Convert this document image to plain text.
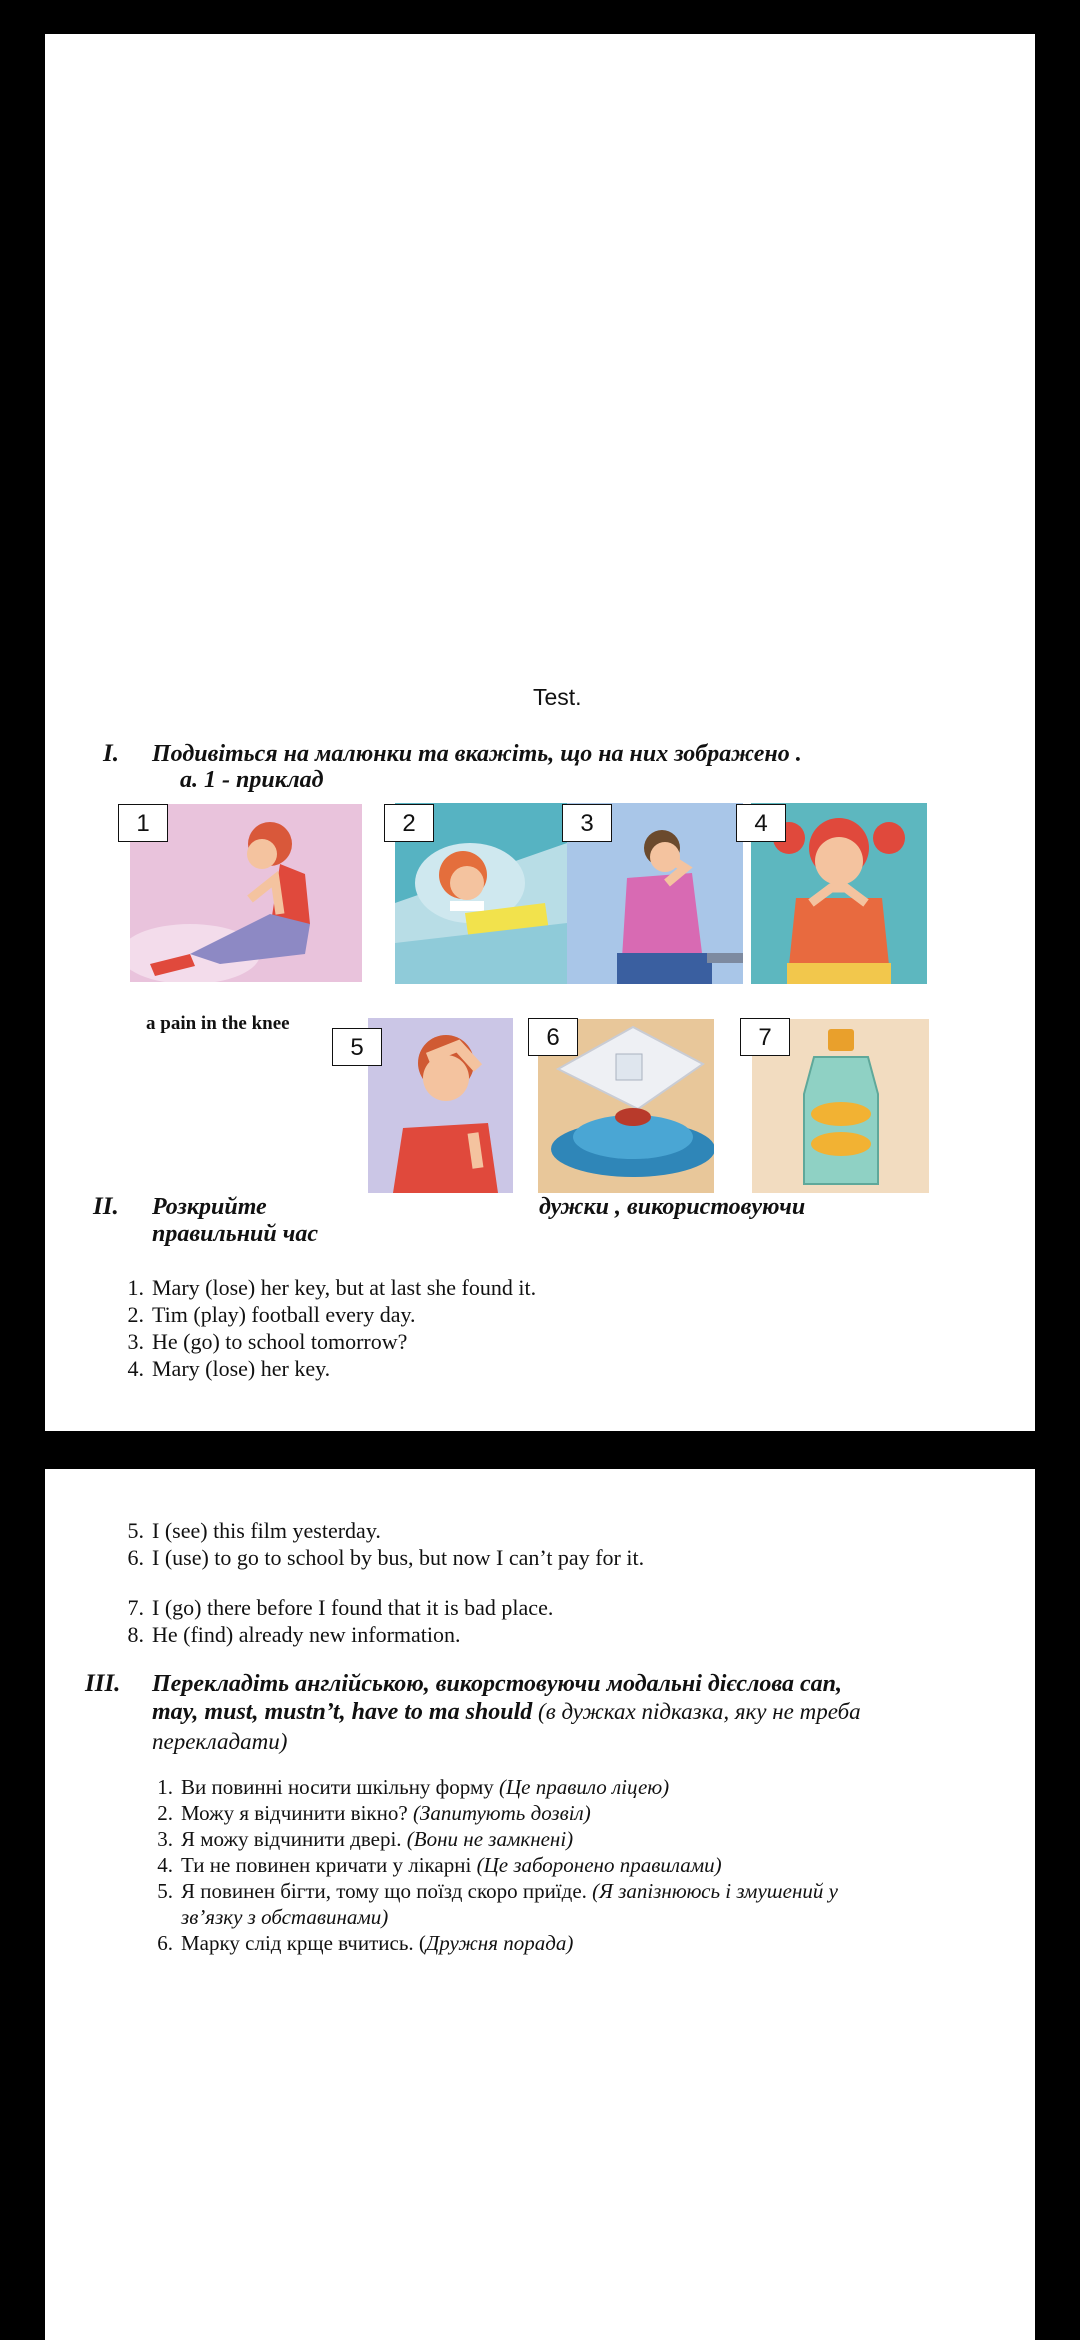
Test.
I. Подивіться на малюнки та вкажіть, що на них зображено .
a. 1 - приклад
1	2	3	4
a pain in the knee
5	6	7
II. Розкрийте	дужки , використовуючи
правильний час
1. Mary (lose) her key, but at last she found it.
2. Tim (play) football every day.
3. He (go) to school tomorrow?
4. Mary (lose) her key.
5. I (see) this film yesterday.
6. I (use) to go to school by bus, but now I can’t pay for it.
7. I (go) there before I found that it is bad place.
8. He (find) already new information.
III. Перекладіть англійською, викорстовуючи модальні дієслова can,
may, must, mustn’t, have to та should (в дужках підказка, яку не треба
перекладати)
1. Ви повинні носити шкільну форму (Це правило ліцею)
2. Можу я відчинити вікно? (Запитують дозвіл)
3. Я можу відчинити двері. (Вони не замкнені)
4. Ти не повинен кричати у лікарні (Це заборонено правилами)
5. Я повинен бігти, тому що поїзд скоро приїде. (Я запізнююсь і змушений у
зв’язку з обставинами)
6. Марку слід крще вчитись. (Дружня порада)
